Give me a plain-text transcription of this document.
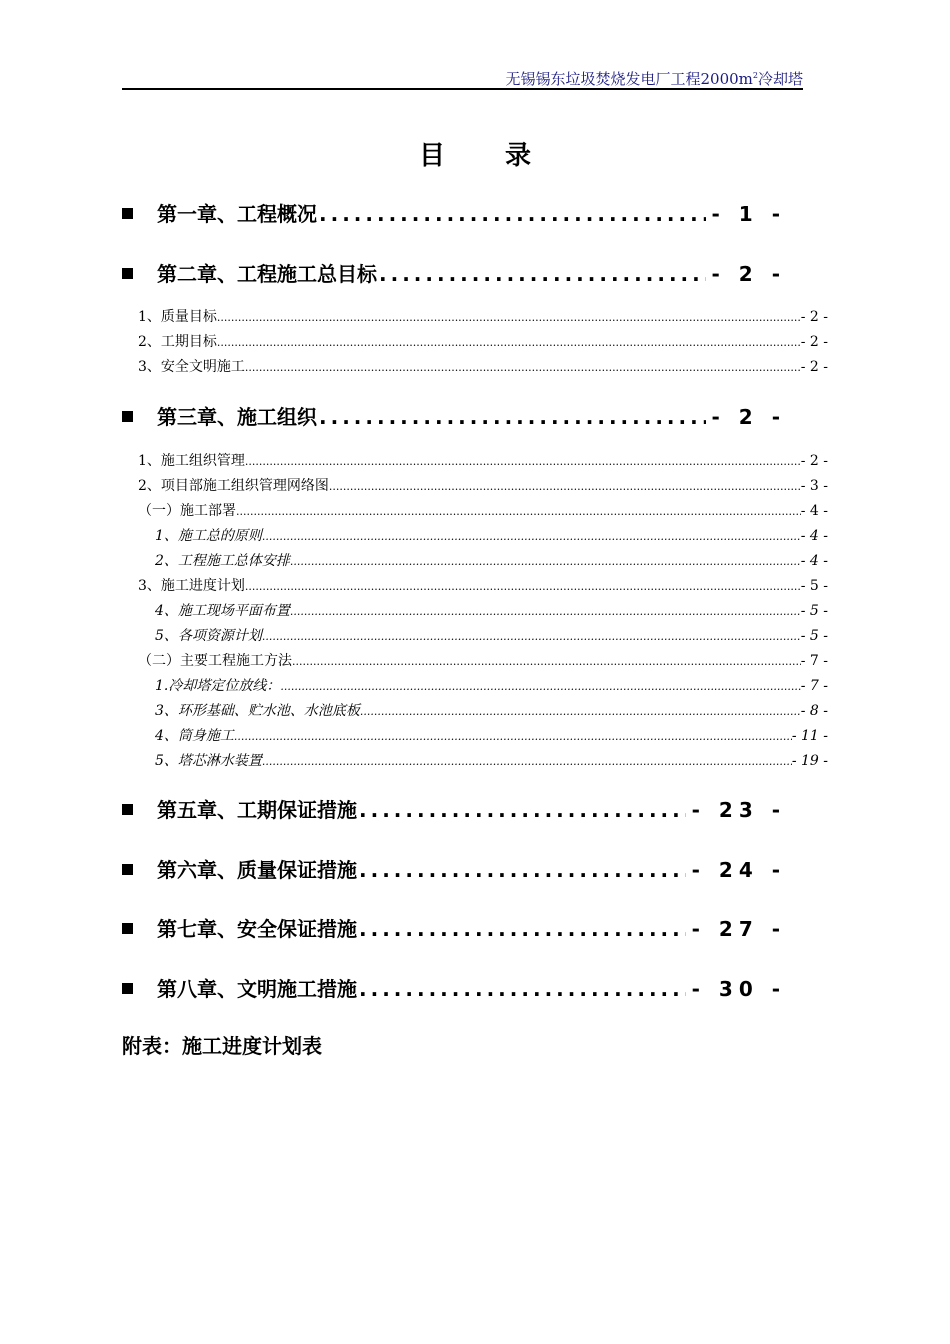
无锡锡东垃圾焚烧发电厂工程$2000m^2$冷却塔
目录
第一章、工程概况 .....	- 1 -
第二章、工程施工总目标 .....	- 2 -
1、质量目标 .....	- 2 -
2、工期目标 .....	- 2 -
3、安全文明施工 .....	- 2 -
第三章、施工组织 .....	- 2 -
1、施工组织管理 .....	- 2 -
2、项目部施工组织管理网络图 .....	- 3 -
（一）施工部署 .....	- 4 -
1、施工总的原则 .....	- 4 -
2、工程施工总体安排 .....	- 4 -
3、施工进度计划 .....	- 5 -
4、施工现场平面布置 .....	- 5 -
5、各项资源计划 .....	- 5 -
（二）主要工程施工方法 .....	- 7 -
1.冷却塔定位放线： .....	- 7 -
3、环形基础、贮水池、水池底板 .....	- 8 -
4、筒身施工 .....	- 11 -
5、塔芯淋水装置 .....	- 19 -
第五章、工期保证措施 .....	- 23 -
第六章、质量保证措施 .....	- 24 -
第七章、安全保证措施 .....	- 27 -
第八章、文明施工措施 .....	- 30 -
附表：施工进度计划表
